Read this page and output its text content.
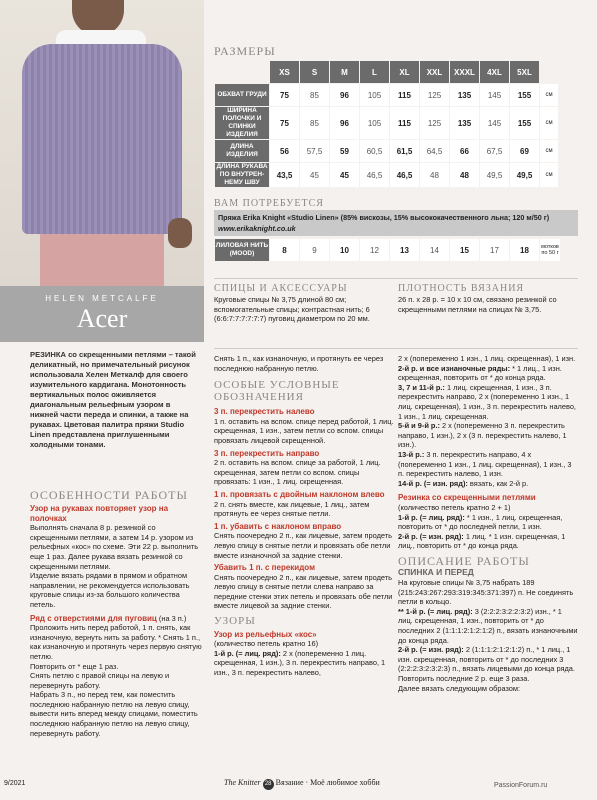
HELEN METCALFE
Acer
РАЗМЕРЫ
	XS	S	M	L	XL	XXL	XXXL	4XL	5XL	
ОБХВАТ ГРУДИ	75	85	96	105	115	125	135	145	155	см
ШИРИНА ПОЛОЧКИ И СПИНКИ ИЗДЕЛИЯ	75	85	96	105	115	125	135	145	155	см
ДЛИНА ИЗДЕЛИЯ	56	57,5	59	60,5	61,5	64,5	66	67,5	69	см
ДЛИНА РУКАВА ПО ВНУТРЕН-НЕМУ ШВУ	43,5	45	45	46,5	46,5	48	48	49,5	49,5	см
ВАМ ПОТРЕБУЕТСЯ
Пряжа Erika Knight «Studio Linen» (85% вискозы, 15% высококачественного льна; 120 м/50 г)
www.erikaknight.co.uk
ЛИЛОВАЯ НИТЬ (MOOD)	8	9	10	12	13	14	15	17	18	мотков по 50 г
СПИЦЫ И АКСЕССУАРЫ
Круговые спицы № 3,75 длиной 80 см; вспомогательные спицы; контрастная нить; 6 (6:6:7:7:7:7:7:7) пуговиц диаметром по 20 мм.
ПЛОТНОСТЬ ВЯЗАНИЯ
26 п. x 28 р. = 10 x 10 см, связано резинкой со скрещенными петлями на спицах № 3,75.
РЕЗИНКА со скрещенными петлями – такой деликатный, но примечательный рисунок использовала Хелен Меткалф для своего изумительного кардигана. Монотонность вертикальных полос оживляется диагональным рельефным узором в нижней части переда и спинки, а также на рукавах. Цветовая палитра пряжи Studio Linen представлена приглушенными холодными тонами.
ОСОБЕННОСТИ РАБОТЫ

Узор на рукавах повторяет узор на полочках

Выполнять сначала 8 р. резинкой со скрещенными петлями, а затем 14 р. узором из рельефных «кос» по схеме. Эти 22 р. выполнить еще 1 раз. Далее рукава вязать резинкой со скрещенными петлями.

Изделие вязать рядами в прямом и обратном направлении, не рекомендуется использовать круговые спицы из-за большого количества петель.

Ряд с отверстиями для пуговиц (на 3 п.)

Проложить нить перед работой, 1 п. снять, как изнаночную, вернуть нить за работу. * Снять 1 п., как изнаночную и протянуть через первую снятую петлю.

Повторить от * еще 1 раз.

Снять петлю с правой спицы на левую и перевернуть работу.

Набрать 3 п., но перед тем, как поместить последнюю набранную петлю на левую спицу, вывести нить вперед между спицами, поместить последнюю набранную петлю на левую спицу, перевернуть работу.

Снять 1 п., как изнаночную, и протянуть ее через последнюю набранную петлю.

ОСОБЫЕ УСЛОВНЫЕ ОБОЗНАЧЕНИЯ

3 п. перекрестить налево

1 п. оставить на вспом. спице перед работой, 1 лиц. скрещенная, 1 изн., затем петли со вспом. спицы провязать лицевой скрещенной.

3 п. перекрестить направо

2 п. оставить на вспом. спице за работой, 1 лиц. скрещенная, затем петли со вспом. спицы провязать: 1 изн., 1 лиц. скрещенная.

1 п. провязать с двойным наклоном влево

2 п. снять вместе, как лицевые, 1 лиц., затем протянуть ее через снятые петли.

1 п. убавить с наклоном вправо

Снять поочередно 2 п., как лицевые, затем продеть левую спицу в снятые петли и провязать обе петли вместе изнаночной за задние стенки.

Убавить 1 п. с перекидом

Снять поочередно 2 п., как лицевые, затем продеть левую спицу в снятые петли слева направо за передние стенки этих петель и провязать обе петли вместе лицевой за задние стенки.

УЗОРЫ

Узор из рельефных «кос»

(количество петель кратно 16)

1-й р. (= лиц. ряд): 2 х (попеременно 1 лиц. скрещенная, 1 изн.), 3 п. перекрестить направо, 1 изн., 3 п. перекрестить налево,

2 х (попеременно 1 изн., 1 лиц. скрещенная), 1 изн.

2-й р. и все изнаночные ряды: * 1 лиц., 1 изн. скрещенная, повторить от * до конца ряда.

3, 7 и 11-й р.: 1 лиц. скрещенная, 1 изн., 3 п. перекрестить направо, 2 х (попеременно 1 изн., 1 лиц. скрещенная), 1 изн., 3 п. перекрестить налево, 1 изн., 1 лиц. скрещенная.

5-й и 9-й р.: 2 х (попеременно 3 п. перекрестить направо, 1 изн.), 2 х (3 п. перекрестить налево, 1 изн.).

13-й р.: 3 п. перекрестить направо, 4 х (попеременно 1 изн., 1 лиц. скрещенная), 1 изн., 3 п. перекрестить налево, 1 изн.

14-й р. (= изн. ряд): вязать, как 2-й р.

Резинка со скрещенными петлями

(количество петель кратно 2 + 1)

1-й р. (= лиц. ряд): * 1 изн., 1 лиц. скрещенная, повторить от * до последней петли, 1 изн.

2-й р. (= изн. ряд): 1 лиц. * 1 изн. скрещенная, 1 лиц., повторить от * до конца ряда.

ОПИСАНИЕ РАБОТЫ

СПИНКА И ПЕРЕД

На круговые спицы № 3,75 набрать 189 (215:243:267:293:319:345:371:397) п. Не соединять петли в кольцо.

** 1-й р. (= лиц. ряд): 3 (2:2:2:3:2:2:3:2) изн., * 1 лиц. скрещенная, 1 изн., повторить от * до последних 2 (1:1:1:2:1:2:1:2) п., вязать изнаночными до конца ряда.

2-й р. (= изн. ряд): 2 (1:1:1:2:1:2:1:2) п., * 1 лиц., 1 изн. скрещенная, повторить от * до последних 3 (2:2:2:3:2:3:2:3) п., вязать лицевыми до конца ряда.

Повторить последние 2 р. еще 3 раза.

Далее вязать следующим образом:

9/2021	The Knitter 28 Вязание · Моё любимое хобби	PassionForum.ru
